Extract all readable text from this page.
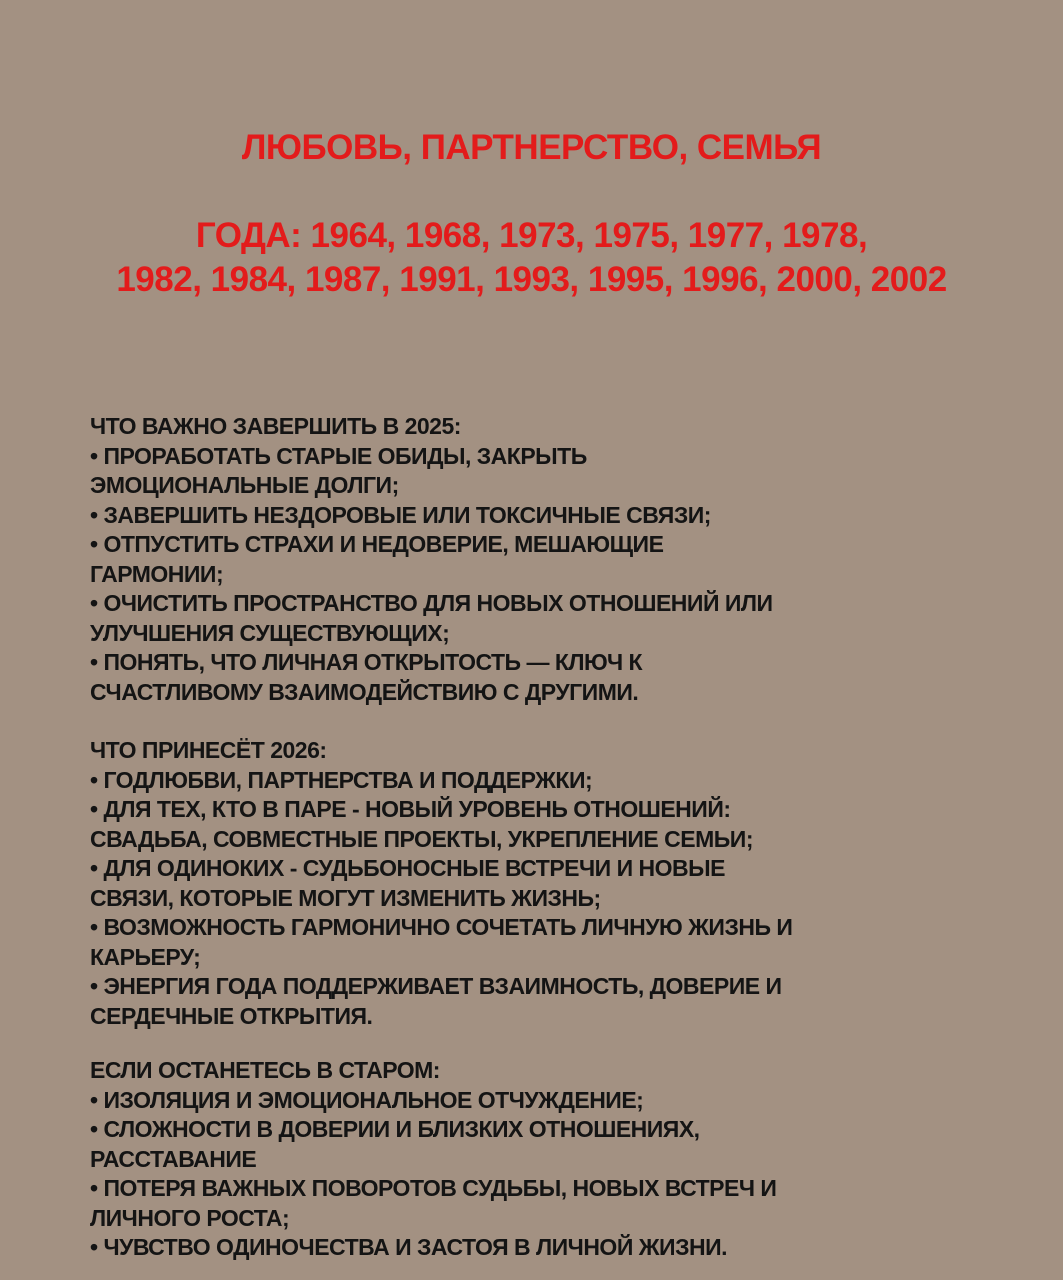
ЛЮБОВЬ, ПАРТНЕРСТВО, СЕМЬЯ
ГОДА: 1964, 1968, 1973, 1975, 1977, 1978,
1982, 1984, 1987, 1991, 1993, 1995, 1996, 2000, 2002
ЧТО ВАЖНО ЗАВЕРШИТЬ В 2025:
• ПРОРАБОТАТЬ СТАРЫЕ ОБИДЫ, ЗАКРЫТЬ
ЭМОЦИОНАЛЬНЫЕ ДОЛГИ;
• ЗАВЕРШИТЬ НЕЗДОРОВЫЕ ИЛИ ТОКСИЧНЫЕ СВЯЗИ;
• ОТПУСТИТЬ СТРАХИ И НЕДОВЕРИЕ, МЕШАЮЩИЕ
ГАРМОНИИ;
• ОЧИСТИТЬ ПРОСТРАНСТВО ДЛЯ НОВЫХ ОТНОШЕНИЙ ИЛИ
УЛУЧШЕНИЯ СУЩЕСТВУЮЩИХ;
• ПОНЯТЬ, ЧТО ЛИЧНАЯ ОТКРЫТОСТЬ — КЛЮЧ К
СЧАСТЛИВОМУ ВЗАИМОДЕЙСТВИЮ С ДРУГИМИ.
ЧТО ПРИНЕСЁТ 2026:
• ГОДЛЮБВИ, ПАРТНЕРСТВА И ПОДДЕРЖКИ;
• ДЛЯ ТЕХ, КТО В ПАРЕ - НОВЫЙ УРОВЕНЬ ОТНОШЕНИЙ:
СВАДЬБА, СОВМЕСТНЫЕ ПРОЕКТЫ, УКРЕПЛЕНИЕ СЕМЬИ;
• ДЛЯ ОДИНОКИХ - СУДЬБОНОСНЫЕ ВСТРЕЧИ И НОВЫЕ
СВЯЗИ, КОТОРЫЕ МОГУТ ИЗМЕНИТЬ ЖИЗНЬ;
• ВОЗМОЖНОСТЬ ГАРМОНИЧНО СОЧЕТАТЬ ЛИЧНУЮ ЖИЗНЬ И
КАРЬЕРУ;
• ЭНЕРГИЯ ГОДА ПОДДЕРЖИВАЕТ ВЗАИМНОСТЬ, ДОВЕРИЕ И
СЕРДЕЧНЫЕ ОТКРЫТИЯ.
ЕСЛИ ОСТАНЕТЕСЬ В СТАРОМ:
• ИЗОЛЯЦИЯ И ЭМОЦИОНАЛЬНОЕ ОТЧУЖДЕНИЕ;
• СЛОЖНОСТИ В ДОВЕРИИ И БЛИЗКИХ ОТНОШЕНИЯХ,
РАССТАВАНИЕ
• ПОТЕРЯ ВАЖНЫХ ПОВОРОТОВ СУДЬБЫ, НОВЫХ ВСТРЕЧ И
ЛИЧНОГО РОСТА;
• ЧУВСТВО ОДИНОЧЕСТВА И ЗАСТОЯ В ЛИЧНОЙ ЖИЗНИ.
